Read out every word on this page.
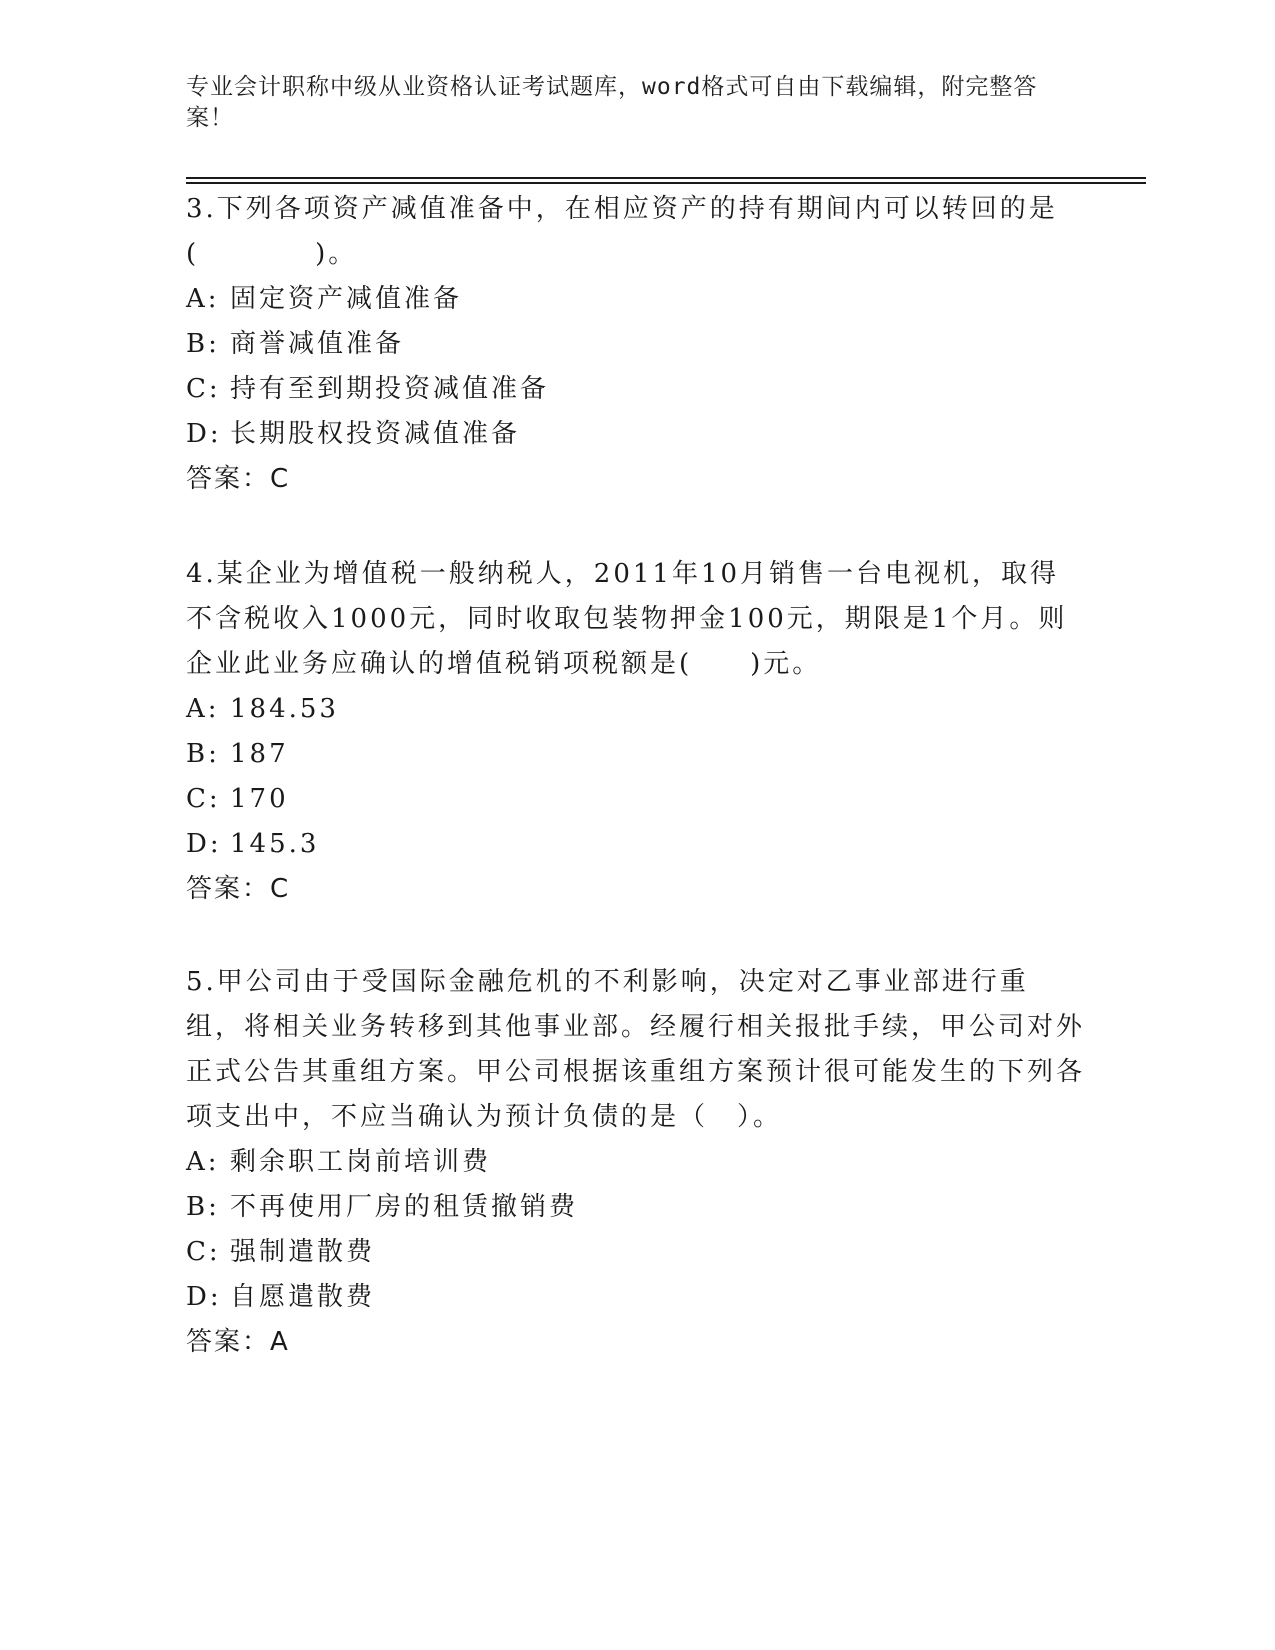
专业会计职称中级从业资格认证考试题库，word格式可自由下载编辑，附完整答案！

3.下列各项资产减值准备中，在相应资产的持有期间内可以转回的是(　　　　)。

A: 固定资产减值准备
B: 商誉减值准备
C: 持有至到期投资减值准备
D: 长期股权投资减值准备
答案：C

4.某企业为增值税一般纳税人，2011年10月销售一台电视机，取得不含税收入1000元，同时收取包装物押金100元，期限是1个月。则企业此业务应确认的增值税销项税额是(　　)元。

A: 184.53
B: 187
C: 170
D: 145.3
答案：C

5.甲公司由于受国际金融危机的不利影响，决定对乙事业部进行重组，将相关业务转移到其他事业部。经履行相关报批手续，甲公司对外正式公告其重组方案。甲公司根据该重组方案预计很可能发生的下列各项支出中，不应当确认为预计负债的是（　）。

A: 剩余职工岗前培训费
B: 不再使用厂房的租赁撤销费
C: 强制遣散费
D: 自愿遣散费
答案：A
